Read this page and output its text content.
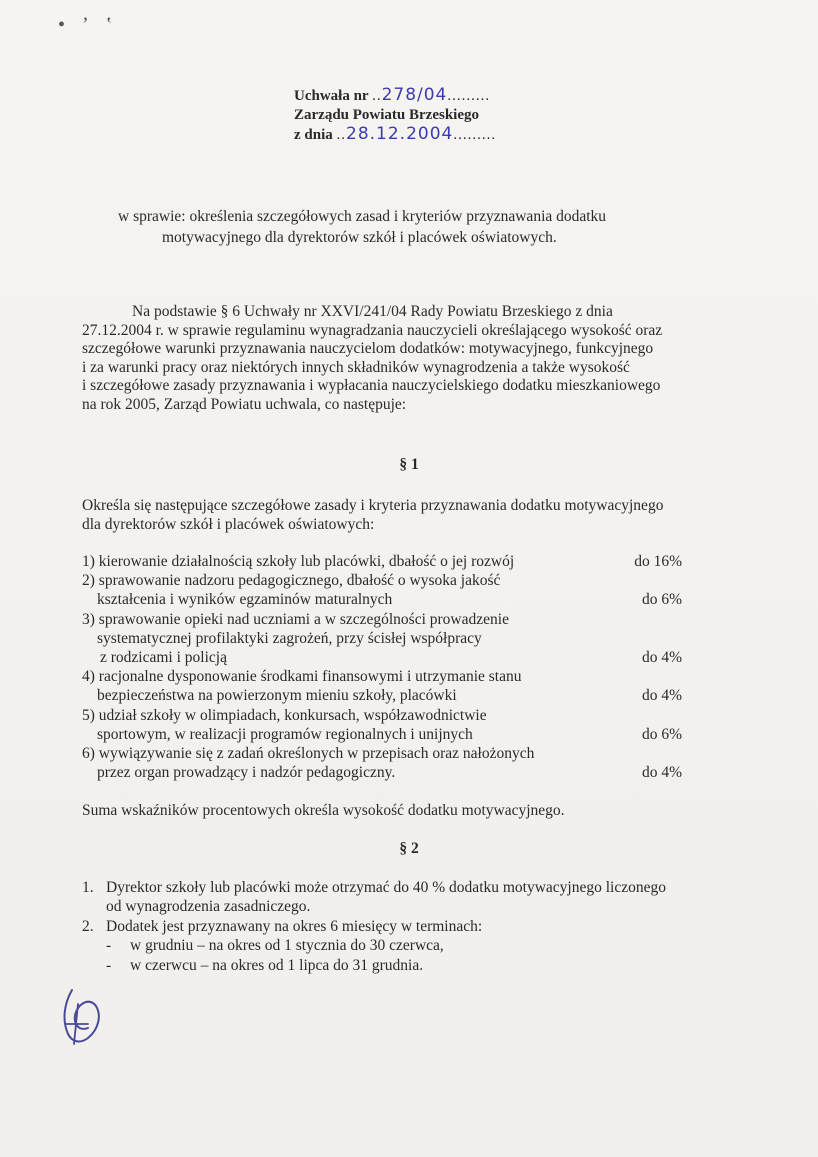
• ʼ ʽ
Uchwała nr ..278/04.........
Zarządu Powiatu Brzeskiego
z dnia ..28.12.2004.........
w sprawie: określenia szczegółowych zasad i kryteriów przyznawania dodatku
motywacyjnego dla dyrektorów szkół i placówek oświatowych.
Na podstawie § 6 Uchwały nr XXVI/241/04 Rady Powiatu Brzeskiego z dnia
27.12.2004 r. w sprawie regulaminu wynagradzania nauczycieli określającego wysokość oraz
szczegółowe warunki przyznawania nauczycielom dodatków: motywacyjnego, funkcyjnego
i za warunki pracy oraz niektórych innych składników wynagrodzenia a także wysokość
i szczegółowe zasady przyznawania i wypłacania nauczycielskiego dodatku mieszkaniowego
na rok 2005, Zarząd Powiatu uchwala, co następuje:
§ 1
Określa się następujące szczegółowe zasady i kryteria przyznawania dodatku motywacyjnego
dla dyrektorów szkół i placówek oświatowych:
1) kierowanie działalnością szkoły lub placówki, dbałość o jej rozwój	do 16%
2) sprawowanie nadzoru pedagogicznego, dbałość o wysoka jakość
kształcenia i wyników egzaminów maturalnych	do 6%
3) sprawowanie opieki nad uczniami a w szczególności prowadzenie
systematycznej profilaktyki zagrożeń, przy ścisłej współpracy
z rodzicami i policją	do 4%
4) racjonalne dysponowanie środkami finansowymi i utrzymanie stanu
bezpieczeństwa na powierzonym mieniu szkoły, placówki	do 4%
5) udział szkoły w olimpiadach, konkursach, współzawodnictwie
sportowym, w realizacji programów regionalnych i unijnych	do 6%
6) wywiązywanie się z zadań określonych w przepisach oraz nałożonych
przez organ prowadzący i nadzór pedagogiczny.	do 4%
Suma wskaźników procentowych określa wysokość dodatku motywacyjnego.
§ 2
1. Dyrektor szkoły lub placówki może otrzymać do 40 % dodatku motywacyjnego liczonego
od wynagrodzenia zasadniczego.
2. Dodatek jest przyznawany na okres 6 miesięcy w terminach:
- w grudniu – na okres od 1 stycznia do 30 czerwca,
- w czerwcu – na okres od 1 lipca do 31 grudnia.
